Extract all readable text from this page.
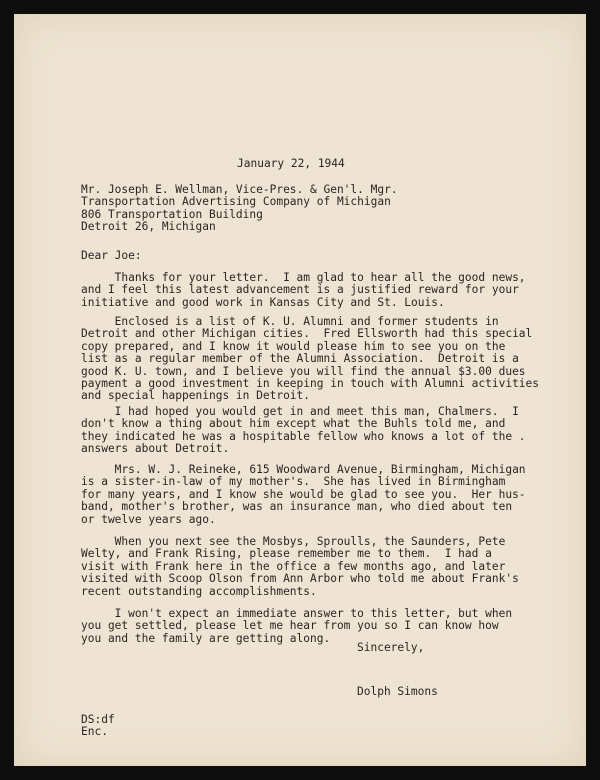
January 22, 1944
Mr. Joseph E. Wellman, Vice-Pres. & Gen'l. Mgr.
Transportation Advertising Company of Michigan
806 Transportation Building
Detroit 26, Michigan
Dear Joe:
Thanks for your letter.  I am glad to hear all the good news,
and I feel this latest advancement is a justified reward for your
initiative and good work in Kansas City and St. Louis.
Enclosed is a list of K. U. Alumni and former students in
Detroit and other Michigan cities.  Fred Ellsworth had this special
copy prepared, and I know it would please him to see you on the
list as a regular member of the Alumni Association.  Detroit is a
good K. U. town, and I believe you will find the annual $3.00 dues
payment a good investment in keeping in touch with Alumni activities
and special happenings in Detroit.
I had hoped you would get in and meet this man, Chalmers.  I
don't know a thing about him except what the Buhls told me, and
they indicated he was a hospitable fellow who knows a lot of the .
answers about Detroit.
Mrs. W. J. Reineke, 615 Woodward Avenue, Birmingham, Michigan
is a sister-in-law of my mother's.  She has lived in Birmingham
for many years, and I know she would be glad to see you.  Her hus-
band, mother's brother, was an insurance man, who died about ten
or twelve years ago.
When you next see the Mosbys, Sproulls, the Saunders, Pete
Welty, and Frank Rising, please remember me to them.  I had a
visit with Frank here in the office a few months ago, and later
visited with Scoop Olson from Ann Arbor who told me about Frank's
recent outstanding accomplishments.
I won't expect an immediate answer to this letter, but when
you get settled, please let me hear from you so I can know how
you and the family are getting along.
Sincerely,
Dolph Simons
DS:df
Enc.
